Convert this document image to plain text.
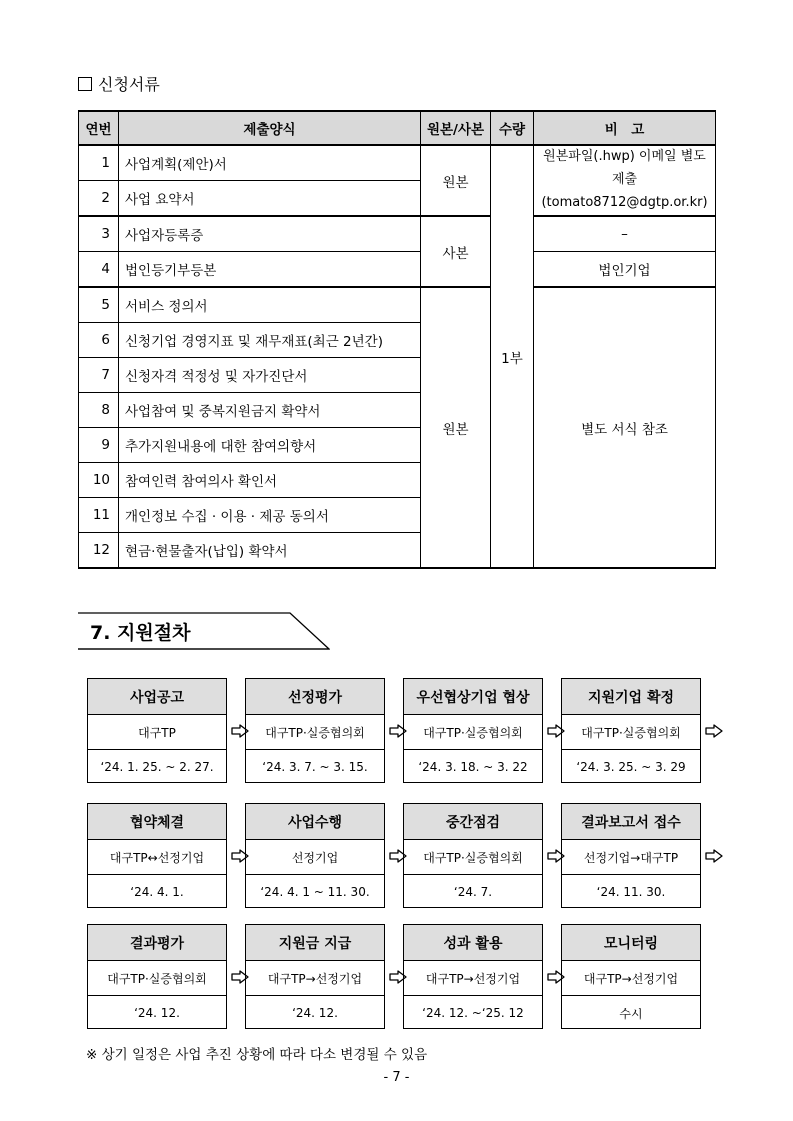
신청서류
연번	제출양식	원본/사본	수량	비　고
1	사업계획(제안)서	원본	1부	원본파일(.hwp) 이메일 별도
제출(tomato8712@dgtp.or.kr)
2	사업 요약서			
3	사업자등록증	사본		–
4	법인등기부등본			법인기업
5	서비스 정의서	원본		별도 서식 참조
6	신청기업 경영지표 및 재무재표(최근 2년간)			
7	신청자격 적정성 및 자가진단서			
8	사업참여 및 중복지원금지 확약서			
9	추가지원내용에 대한 참여의향서			
10	참여인력 참여의사 확인서			
11	개인정보 수집 · 이용 · 제공 동의서			
12	현금·현물출자(납입) 확약서			
7. 지원절차
사업공고
대구TP
‘24. 1. 25. ~ 2. 27.
선정평가
대구TP·실증협의회
‘24. 3. 7. ~ 3. 15.
우선협상기업 협상
대구TP·실증협의회
‘24. 3. 18. ~ 3. 22
지원기업 확정
대구TP·실증협의회
‘24. 3. 25. ~ 3. 29
협약체결
대구TP↔선정기업
‘24. 4. 1.
사업수행
선정기업
‘24. 4. 1 ~ 11. 30.
중간점검
대구TP·실증협의회
‘24. 7.
결과보고서 접수
선정기업→대구TP
‘24. 11. 30.
결과평가
대구TP·실증협의회
‘24. 12.
지원금 지급
대구TP→선정기업
‘24. 12.
성과 활용
대구TP→선정기업
‘24. 12. ~‘25. 12
모니터링
대구TP→선정기업
수시
※ 상기 일정은 사업 추진 상황에 따라 다소 변경될 수 있음
- 7 -
